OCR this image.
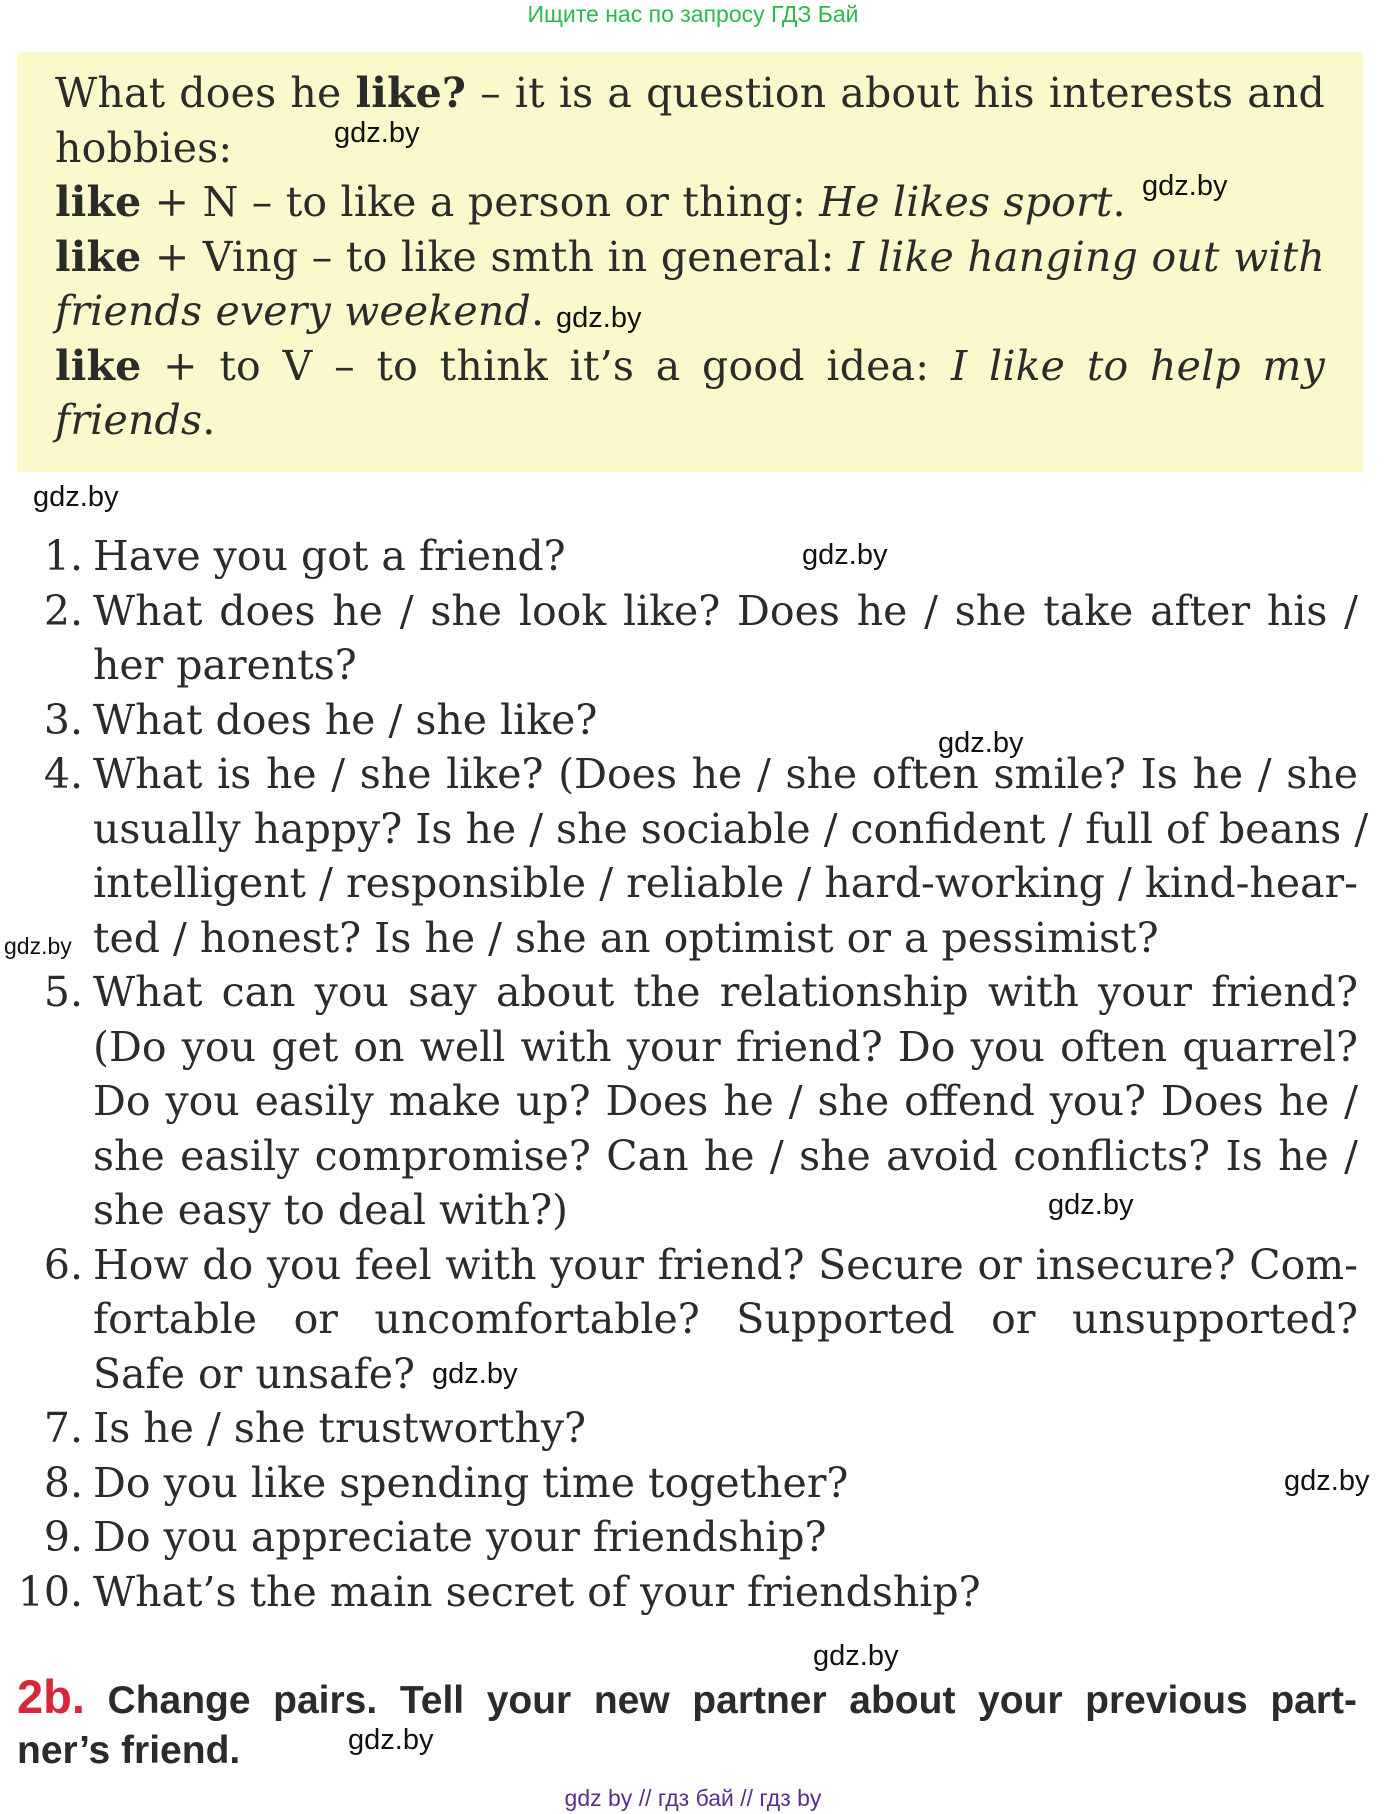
Ищите нас по запросу ГДЗ Бай
What does he like? – it is a question about his interests and
hobbies:
like + N – to like a person or thing: He likes sport.
like + Ving – to like smth in general: I like hanging out with
friends every weekend.
like + to V – to think it’s a good idea: I like to help my
friends.
1. Have you got a friend?
2. What does he / she look like? Does he / she take after his /
her parents?
3. What does he / she like?
4. What is he / she like? (Does he / she often smile? Is he / she
usually happy? Is he / she sociable / confident / full of beans /
intelligent / responsible / reliable / hard-working / kind-hear-
ted / honest? Is he / she an optimist or a pessimist?
5. What can you say about the relationship with your friend?
(Do you get on well with your friend? Do you often quarrel?
Do you easily make up? Does he / she offend you? Does he /
she easily compromise? Can he / she avoid conflicts? Is he /
she easy to deal with?)
6. How do you feel with your friend? Secure or insecure? Com-
fortable or uncomfortable? Supported or unsupported?
Safe or unsafe?
7. Is he / she trustworthy?
8. Do you like spending time together?
9. Do you appreciate your friendship?
10. What’s the main secret of your friendship?
2b. Change pairs. Tell your new partner about your previous part-
ner’s friend.
gdz.by
gdz.by
gdz.by
gdz.by
gdz.by
gdz.by
gdz.by
gdz.by
gdz.by
gdz.by
gdz.by
gdz.by
gdz by // гдз бай // гдз by
